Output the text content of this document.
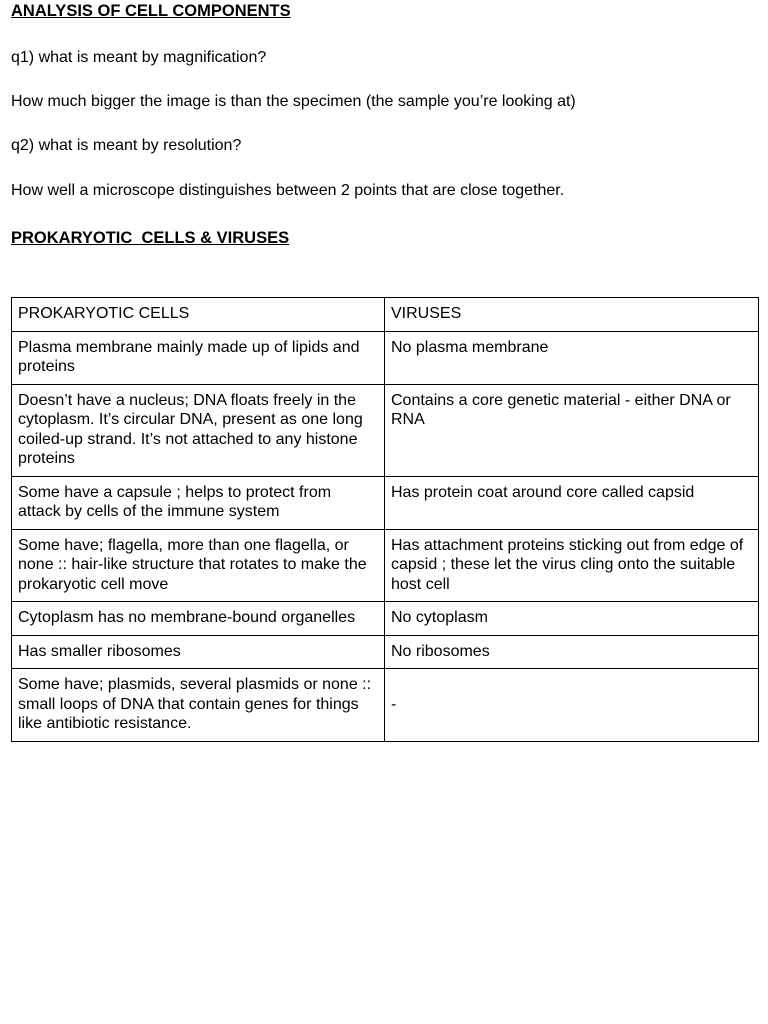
ANALYSIS OF CELL COMPONENTS

q1) what is meant by magnification?

How much bigger the image is than the specimen (the sample you’re looking at)

q2) what is meant by resolution?

How well a microscope distinguishes between 2 points that are close together.

PROKARYOTIC  CELLS & VIRUSES
PROKARYOTIC CELLS	VIRUSES
Plasma membrane mainly made up of lipids and proteins	No plasma membrane
Doesn’t have a nucleus; DNA floats freely in the cytoplasm. It’s circular DNA, present as one long coiled-up strand. It’s not attached to any histone proteins	Contains a core genetic material - either DNA or RNA
Some have a capsule ; helps to protect from attack by cells of the immune system	Has protein coat around core called capsid
Some have; flagella, more than one flagella, or none :: hair-like structure that rotates to make the prokaryotic cell move	Has attachment proteins sticking out from edge of capsid ; these let the virus cling onto the suitable host cell
Cytoplasm has no membrane-bound organelles	No cytoplasm
Has smaller ribosomes	No ribosomes
Some have; plasmids, several plasmids or none :: small loops of DNA that contain genes for things like antibiotic resistance.	-
